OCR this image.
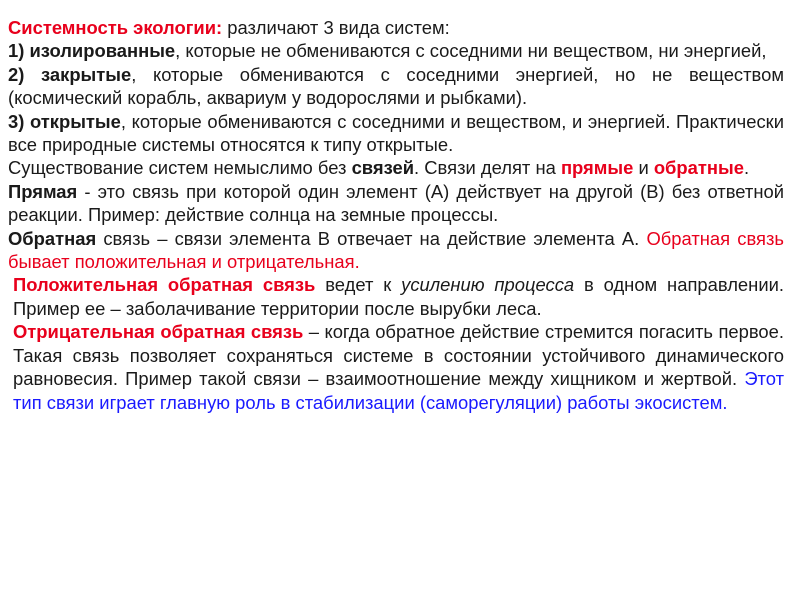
Системность экологии: различают 3 вида систем:

1) изолированные, которые не обмениваются с соседними ни веществом, ни энергией,

2) закрытые, которые обмениваются с соседними энергией, но не веществом (космический корабль, аквариум у водорослями и рыбками).

3) открытые, которые обмениваются с соседними и веществом, и энергией. Практически все природные системы относятся к типу открытые.

Существование систем немыслимо без связей. Связи делят на прямые и обратные.

Прямая - это связь при которой один элемент (А) действует на другой (В) без ответной реакции. Пример: действие солнца на земные процессы.

Обратная связь – связи элемента В отвечает на действие элемента А. Обратная связь бывает положительная и отрицательная.

Положительная обратная связь ведет к усилению процесса в одном направлении. Пример ее – заболачивание территории после вырубки леса.

Отрицательная обратная связь – когда обратное действие стремится погасить первое. Такая связь позволяет сохраняться системе в состоянии устойчивого динамического равновесия. Пример такой связи – взаимоотношение между хищником и жертвой. Этот тип связи играет главную роль в стабилизации (саморегуляции) работы экосистем.
